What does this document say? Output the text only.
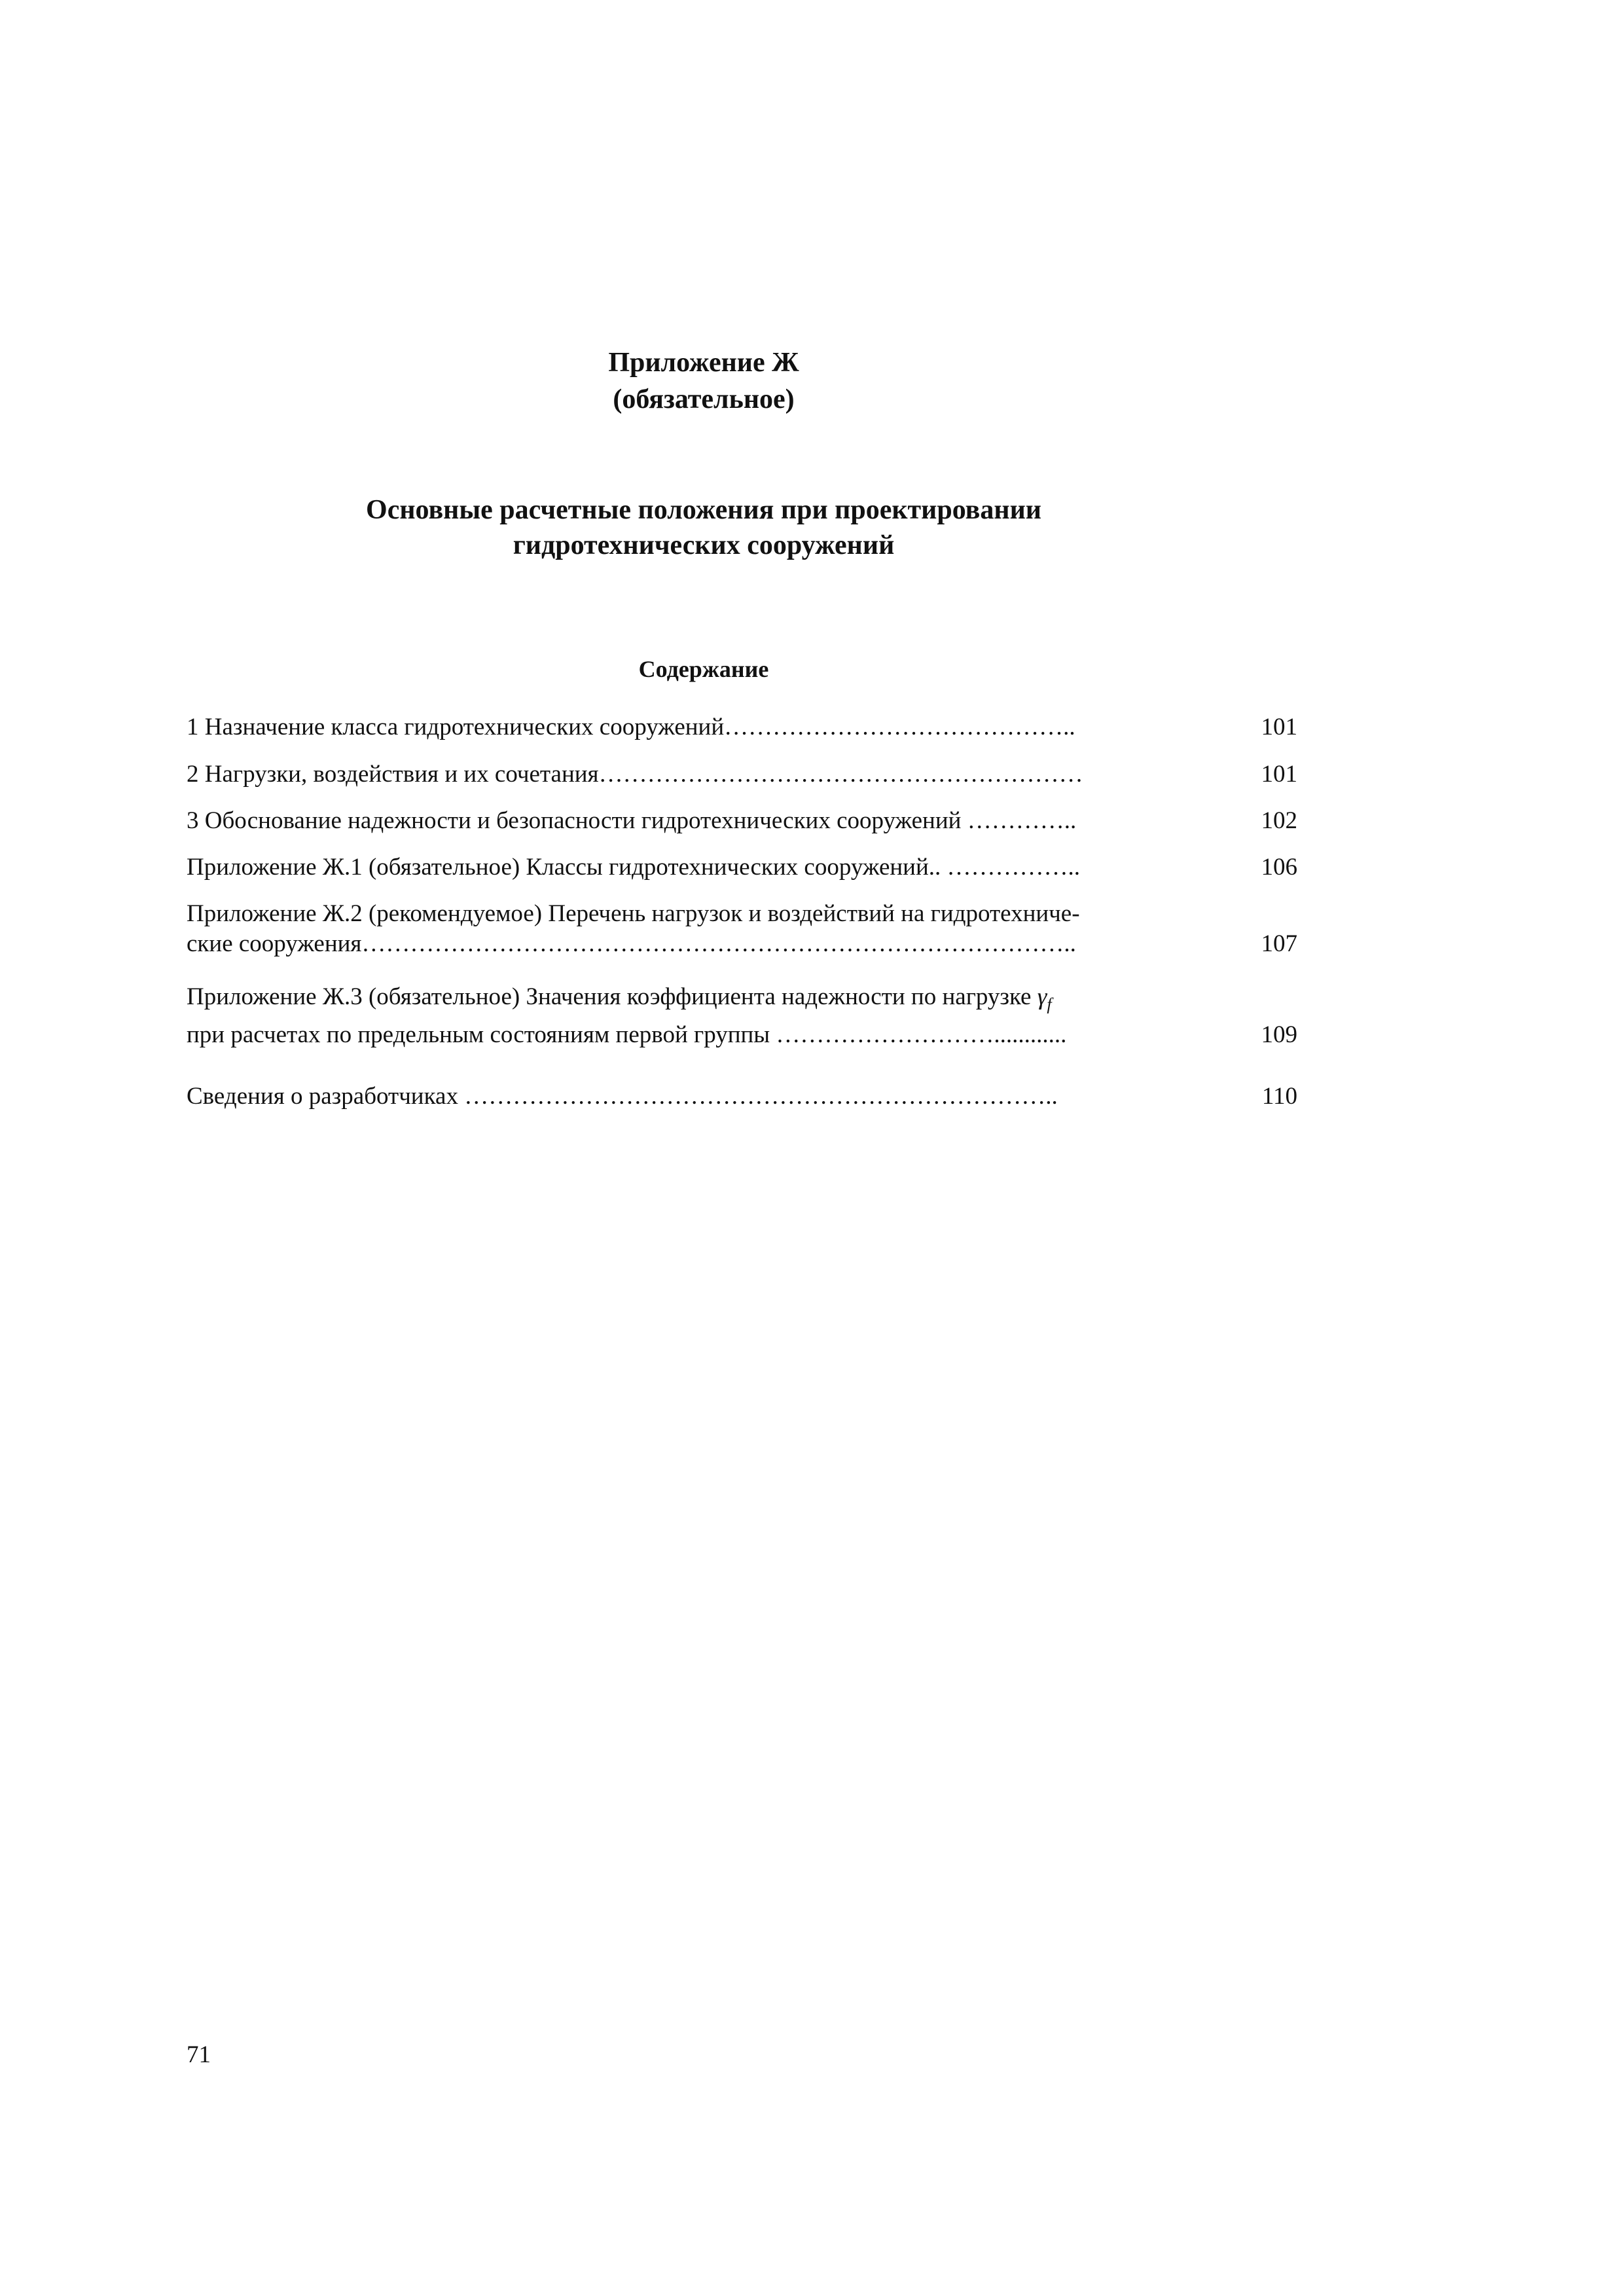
Приложение Ж
(обязательное)
Основные расчетные положения при проектировании
гидротехнических сооружений
Содержание
1 Назначение класса гидротехнических сооружений……………………………………..	101
2 Нагрузки, воздействия и их сочетания……………………………………………………	101
3 Обоснование надежности и безопасности гидротехнических сооружений …………..	102
Приложение Ж.1 (обязательное) Классы гидротехнических сооружений.. ……………..	106
Приложение Ж.2 (рекомендуемое) Перечень нагрузок и воздействий на гидротехниче-
ские сооружения……………………………………………………………………………..	107
Приложение Ж.3 (обязательное) Значения коэффициента надежности по нагрузке $\gamma_f$
при расчетах по предельным состояниям первой группы ………………………............	109
Сведения о разработчиках ………………………………………………………………..	110
71
